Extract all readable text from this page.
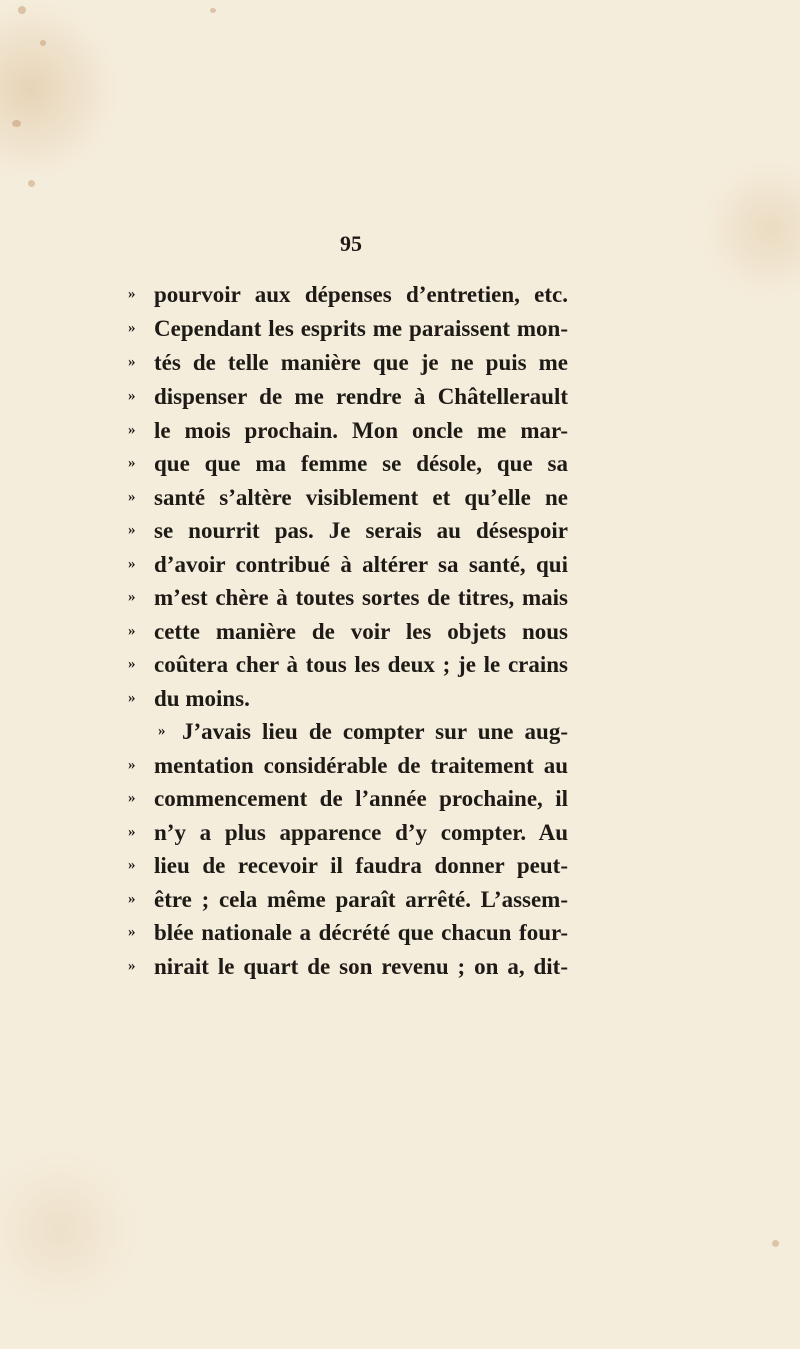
95
» pourvoir aux dépenses d’entretien, etc.
» Cependant les esprits me paraissent mon-
» tés de telle manière que je ne puis me
» dispenser de me rendre à Châtellerault
» le mois prochain. Mon oncle me mar-
» que que ma femme se désole, que sa
» santé s’altère visiblement et qu’elle ne
» se nourrit pas. Je serais au désespoir
» d’avoir contribué à altérer sa santé, qui
» m’est chère à toutes sortes de titres, mais
» cette manière de voir les objets nous
» coûtera cher à tous les deux ; je le crains
» du moins.
» J’avais lieu de compter sur une aug-
» mentation considérable de traitement au
» commencement de l’année prochaine, il
» n’y a plus apparence d’y compter. Au
» lieu de recevoir il faudra donner peut-
» être ; cela même paraît arrêté. L’assem-
» blée nationale a décrété que chacun four-
» nirait le quart de son revenu ; on a, dit-
